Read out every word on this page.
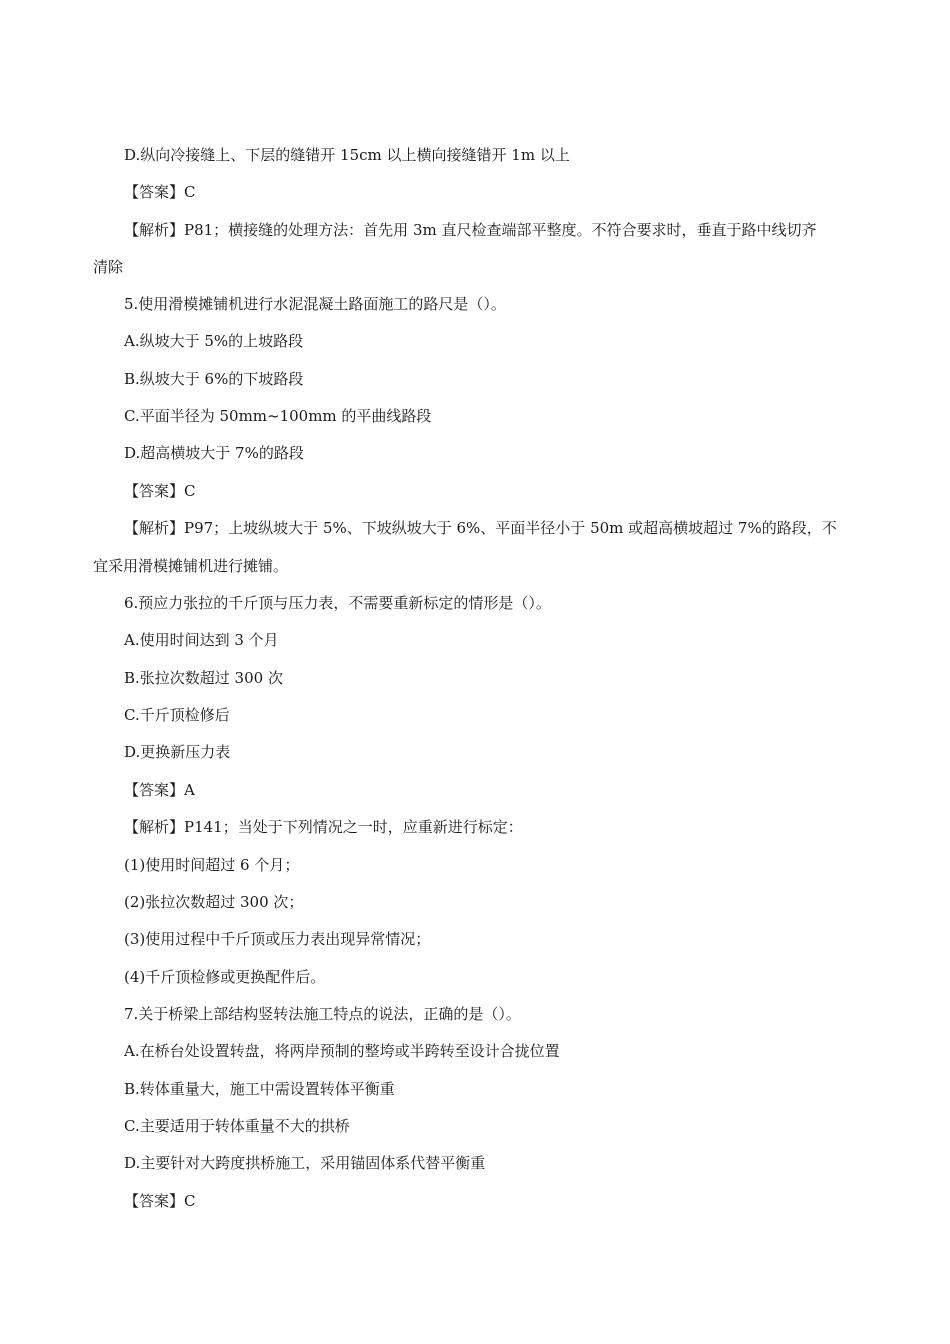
D.纵向冷接缝上、下层的缝错开 15cm 以上横向接缝错开 1m 以上
【答案】C
【解析】P81；横接缝的处理方法：首先用 3m 直尺检查端部平整度。不符合要求时，垂直于路中线切齐
清除
5.使用滑模摊铺机进行水泥混凝土路面施工的路尺是（）。
A.纵坡大于 5%的上坡路段
B.纵坡大于 6%的下坡路段
C.平面半径为 50mm~100mm 的平曲线路段
D.超高横坡大于 7%的路段
【答案】C
【解析】P97；上坡纵坡大于 5%、下坡纵坡大于 6%、平面半径小于 50m 或超高横坡超过 7%的路段，不
宜采用滑模摊铺机进行摊铺。
6.预应力张拉的千斤顶与压力表，不需要重新标定的情形是（）。
A.使用时间达到 3 个月
B.张拉次数超过 300 次
C.千斤顶检修后
D.更换新压力表
【答案】A
【解析】P141；当处于下列情况之一时，应重新进行标定：
(1)使用时间超过 6 个月；
(2)张拉次数超过 300 次；
(3)使用过程中千斤顶或压力表出现异常情况；
(4)千斤顶检修或更换配件后。
7.关于桥梁上部结构竖转法施工特点的说法，正确的是（）。
A.在桥台处设置转盘，将两岸预制的整垮或半跨转至设计合拢位置
B.转体重量大，施工中需设置转体平衡重
C.主要适用于转体重量不大的拱桥
D.主要针对大跨度拱桥施工，采用锚固体系代替平衡重
【答案】C
